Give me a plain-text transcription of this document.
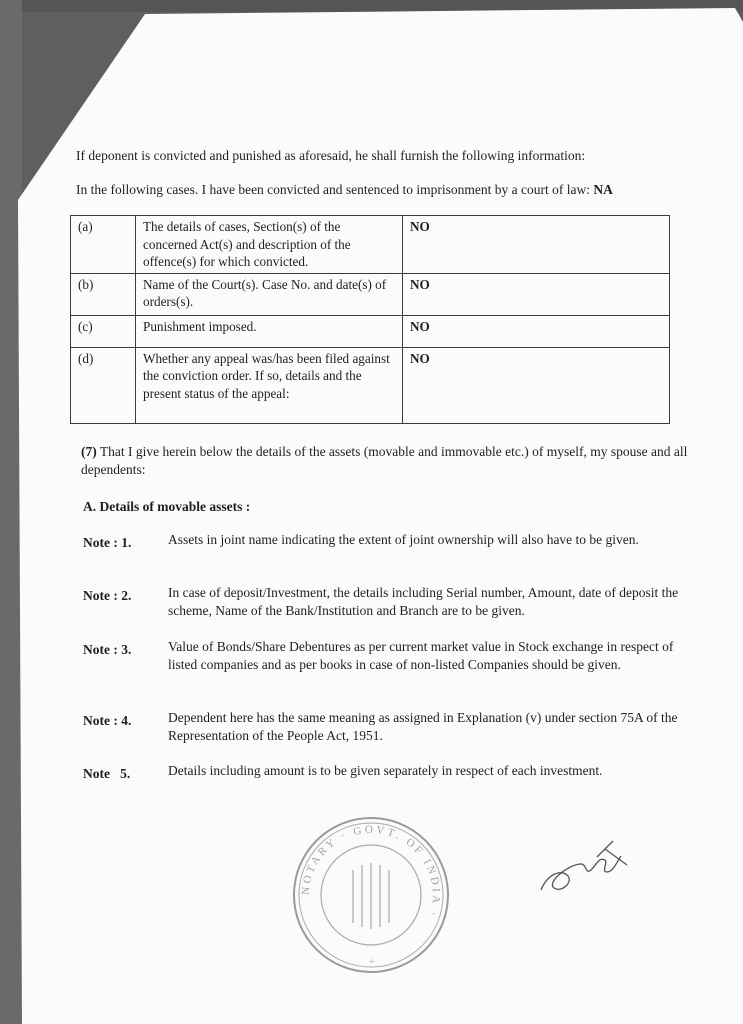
If deponent is convicted and punished as aforesaid, he shall furnish the following information:
In the following cases. I have been convicted and sentenced to imprisonment by a court of law: NA
(a)	The details of cases, Section(s) of the concerned Act(s) and description of the offence(s) for which convicted.	NO
(b)	Name of the Court(s). Case No. and date(s) of orders(s).	NO
(c)	Punishment imposed.	NO
(d)	Whether any appeal was/has been filed against the conviction order. If so, details and the present status of the appeal:	NO
(7) That I give herein below the details of the assets (movable and immovable etc.) of myself, my spouse and all dependents:
A. Details of movable assets :
Note : 1.	Assets in joint name indicating the extent of joint ownership will also have to be given.
Note : 2.	In case of deposit/Investment, the details including Serial number, Amount, date of deposit the scheme, Name of the Bank/Institution and Branch are to be given.
Note : 3.	Value of Bonds/Share Debentures as per current market value in Stock exchange in respect of listed companies and as per books in case of non-listed Companies should be given.
Note : 4.	Dependent here has the same meaning as assigned in Explanation (v) under section 75A of the Representation of the People Act, 1951.
Note   5.	Details including amount is to be given separately in respect of each investment.
NOTARY · GOVT. OF INDIA ·
+
